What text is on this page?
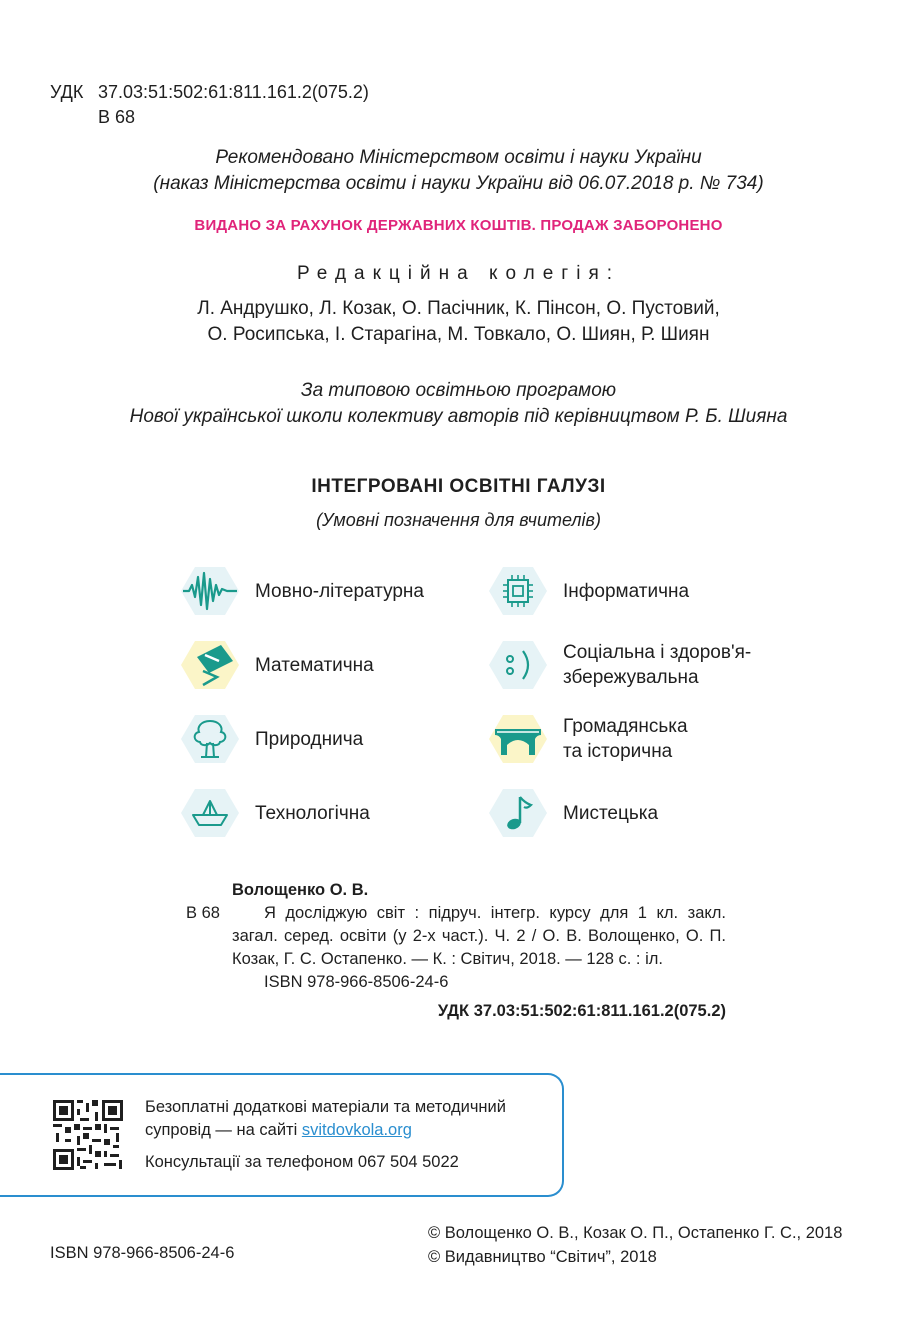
УДК 37.03:51:502:61:811.161.2(075.2)
В 68
Рекомендовано Міністерством освіти і науки України
(наказ Міністерства освіти і науки України від 06.07.2018 р. № 734)
ВИДАНО ЗА РАХУНОК ДЕРЖАВНИХ КОШТІВ. ПРОДАЖ ЗАБОРОНЕНО
Редакційна колегія:
Л. Андрушко, Л. Козак, О. Пасічник, К. Пінсон, О. Пустовий,
О. Росипська, І. Старагіна, М. Товкало, О. Шиян, Р. Шиян
За типовою освітньою програмою
Нової української школи колективу авторів під керівництвом Р. Б. Шияна
ІНТЕГРОВАНІ ОСВІТНІ ГАЛУЗІ
(Умовні позначення для вчителів)
Мовно-літературна
Математична
Природнича
Технологічна
Інформатична
Соціальна і здоров'я-
збережувальна
Громадянська
та історична
Мистецька
Волощенко О. В.
В 68	Я досліджую світ : підруч. інтегр. курсу для 1 кл. закл. загал. серед. освіти (у 2-х част.). Ч. 2 / О. В. Волощенко, О. П. Козак, Г. С. Остапенко. — К. : Світич, 2018. — 128 с. : іл.
ISBN 978-966-8506-24-6
УДК 37.03:51:502:61:811.161.2(075.2)
Безоплатні додаткові матеріали та методичний
супровід — на сайті svitdovkola.org
Консультації за телефоном 067 504 5022
ISBN 978-966-8506-24-6
© Волощенко О. В., Козак О. П., Остапенко Г. С., 2018
© Видавництво “Світич”, 2018
